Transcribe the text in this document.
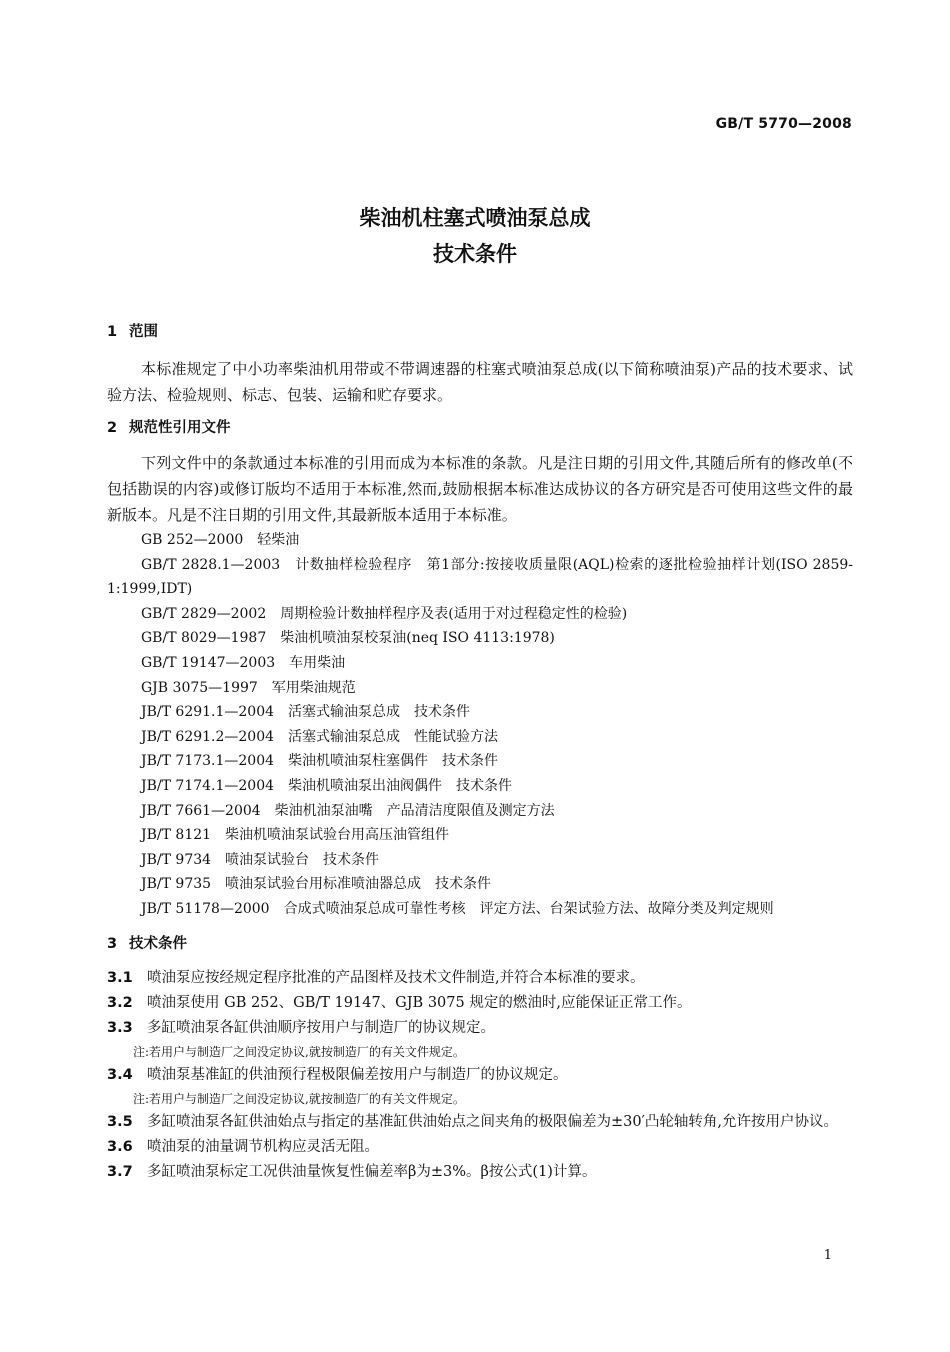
GB/T 5770—2008
柴油机柱塞式喷油泵总成
技术条件
1 范围
本标准规定了中小功率柴油机用带或不带调速器的柱塞式喷油泵总成(以下简称喷油泵)产品的技术要求、试验方法、检验规则、标志、包装、运输和贮存要求。
2 规范性引用文件
下列文件中的条款通过本标准的引用而成为本标准的条款。凡是注日期的引用文件,其随后所有的修改单(不包括勘误的内容)或修订版均不适用于本标准,然而,鼓励根据本标准达成协议的各方研究是否可使用这些文件的最新版本。凡是不注日期的引用文件,其最新版本适用于本标准。
GB 252—2000　轻柴油
GB/T 2828.1—2003　计数抽样检验程序　第1部分:按接收质量限(AQL)检索的逐批检验抽样计划(ISO 2859-1:1999,IDT)
GB/T 2829—2002　周期检验计数抽样程序及表(适用于对过程稳定性的检验)
GB/T 8029—1987　柴油机喷油泵校泵油(neq ISO 4113:1978)
GB/T 19147—2003　车用柴油
GJB 3075—1997　军用柴油规范
JB/T 6291.1—2004　活塞式输油泵总成　技术条件
JB/T 6291.2—2004　活塞式输油泵总成　性能试验方法
JB/T 7173.1—2004　柴油机喷油泵柱塞偶件　技术条件
JB/T 7174.1—2004　柴油机喷油泵出油阀偶件　技术条件
JB/T 7661—2004　柴油机油泵油嘴　产品清洁度限值及测定方法
JB/T 8121　柴油机喷油泵试验台用高压油管组件
JB/T 9734　喷油泵试验台　技术条件
JB/T 9735　喷油泵试验台用标准喷油器总成　技术条件
JB/T 51178—2000　合成式喷油泵总成可靠性考核　评定方法、台架试验方法、故障分类及判定规则
3 技术条件
3.1 喷油泵应按经规定程序批准的产品图样及技术文件制造,并符合本标准的要求。
3.2 喷油泵使用 GB 252、GB/T 19147、GJB 3075 规定的燃油时,应能保证正常工作。
3.3 多缸喷油泵各缸供油顺序按用户与制造厂的协议规定。
注:若用户与制造厂之间没定协议,就按制造厂的有关文件规定。
3.4 喷油泵基准缸的供油预行程极限偏差按用户与制造厂的协议规定。
注:若用户与制造厂之间没定协议,就按制造厂的有关文件规定。
3.5 多缸喷油泵各缸供油始点与指定的基准缸供油始点之间夹角的极限偏差为±30′凸轮轴转角,允许按用户协议。
3.6 喷油泵的油量调节机构应灵活无阻。
3.7 多缸喷油泵标定工况供油量恢复性偏差率β为±3%。β按公式(1)计算。
1
